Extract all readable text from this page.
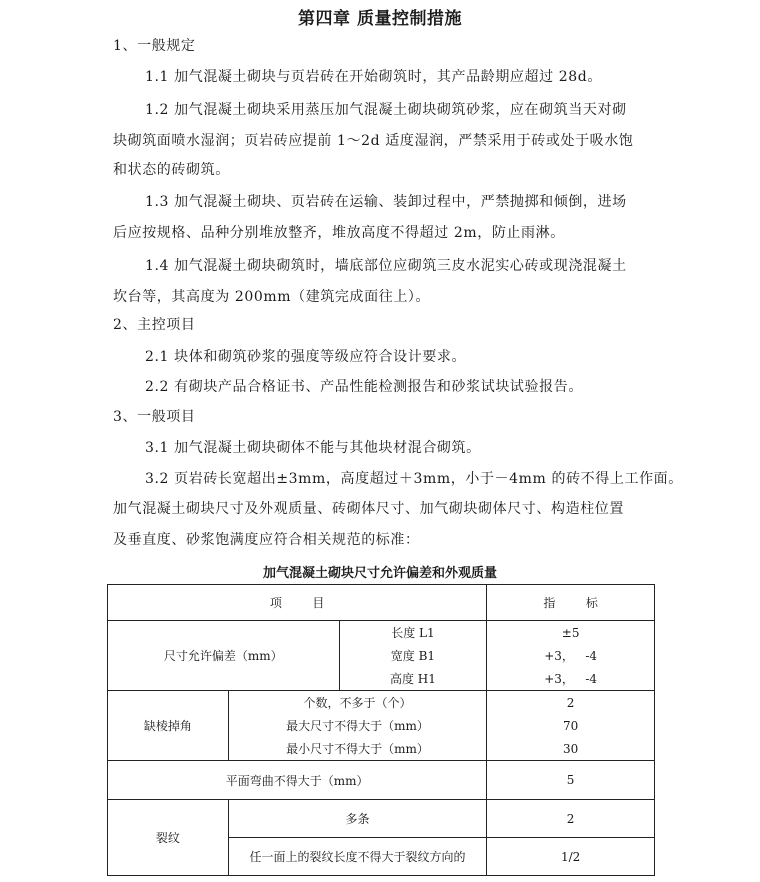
第四章 质量控制措施
1、一般规定
1.1 加气混凝土砌块与页岩砖在开始砌筑时，其产品龄期应超过 28d。
1.2 加气混凝土砌块采用蒸压加气混凝土砌块砌筑砂浆，应在砌筑当天对砌
块砌筑面喷水湿润；页岩砖应提前 1～2d 适度湿润，严禁采用于砖或处于吸水饱
和状态的砖砌筑。
1.3 加气混凝土砌块、页岩砖在运输、装卸过程中，严禁抛掷和倾倒，进场
后应按规格、品种分别堆放整齐，堆放高度不得超过 2m，防止雨淋。
1.4 加气混凝土砌块砌筑时，墙底部位应砌筑三皮水泥实心砖或现浇混凝土
坎台等，其高度为 200mm（建筑完成面往上）。
2、主控项目
2.1 块体和砌筑砂浆的强度等级应符合设计要求。
2.2 有砌块产品合格证书、产品性能检测报告和砂浆试块试验报告。
3、一般项目
3.1 加气混凝土砌块砌体不能与其他块材混合砌筑。
3.2 页岩砖长宽超出±3mm，高度超过＋3mm，小于－4mm 的砖不得上工作面。
加气混凝土砌块尺寸及外观质量、砖砌体尺寸、加气砌块砌体尺寸、构造柱位置
及垂直度、砂浆饱满度应符合相关规范的标准：
加气混凝土砌块尺寸允许偏差和外观质量
项        目			指        标
尺寸允许偏差（mm）		长度 L1	±5
		宽度 B1	+3，   -4
		高度 H1	+3，   -4
缺棱掉角	个数，不多于（个）		2
	最大尺寸不得大于（mm）		70
	最小尺寸不得大于（mm）		30
平面弯曲不得大于（mm）			5
裂纹	多条		2
	任一面上的裂纹长度不得大于裂纹方向的		1/2
